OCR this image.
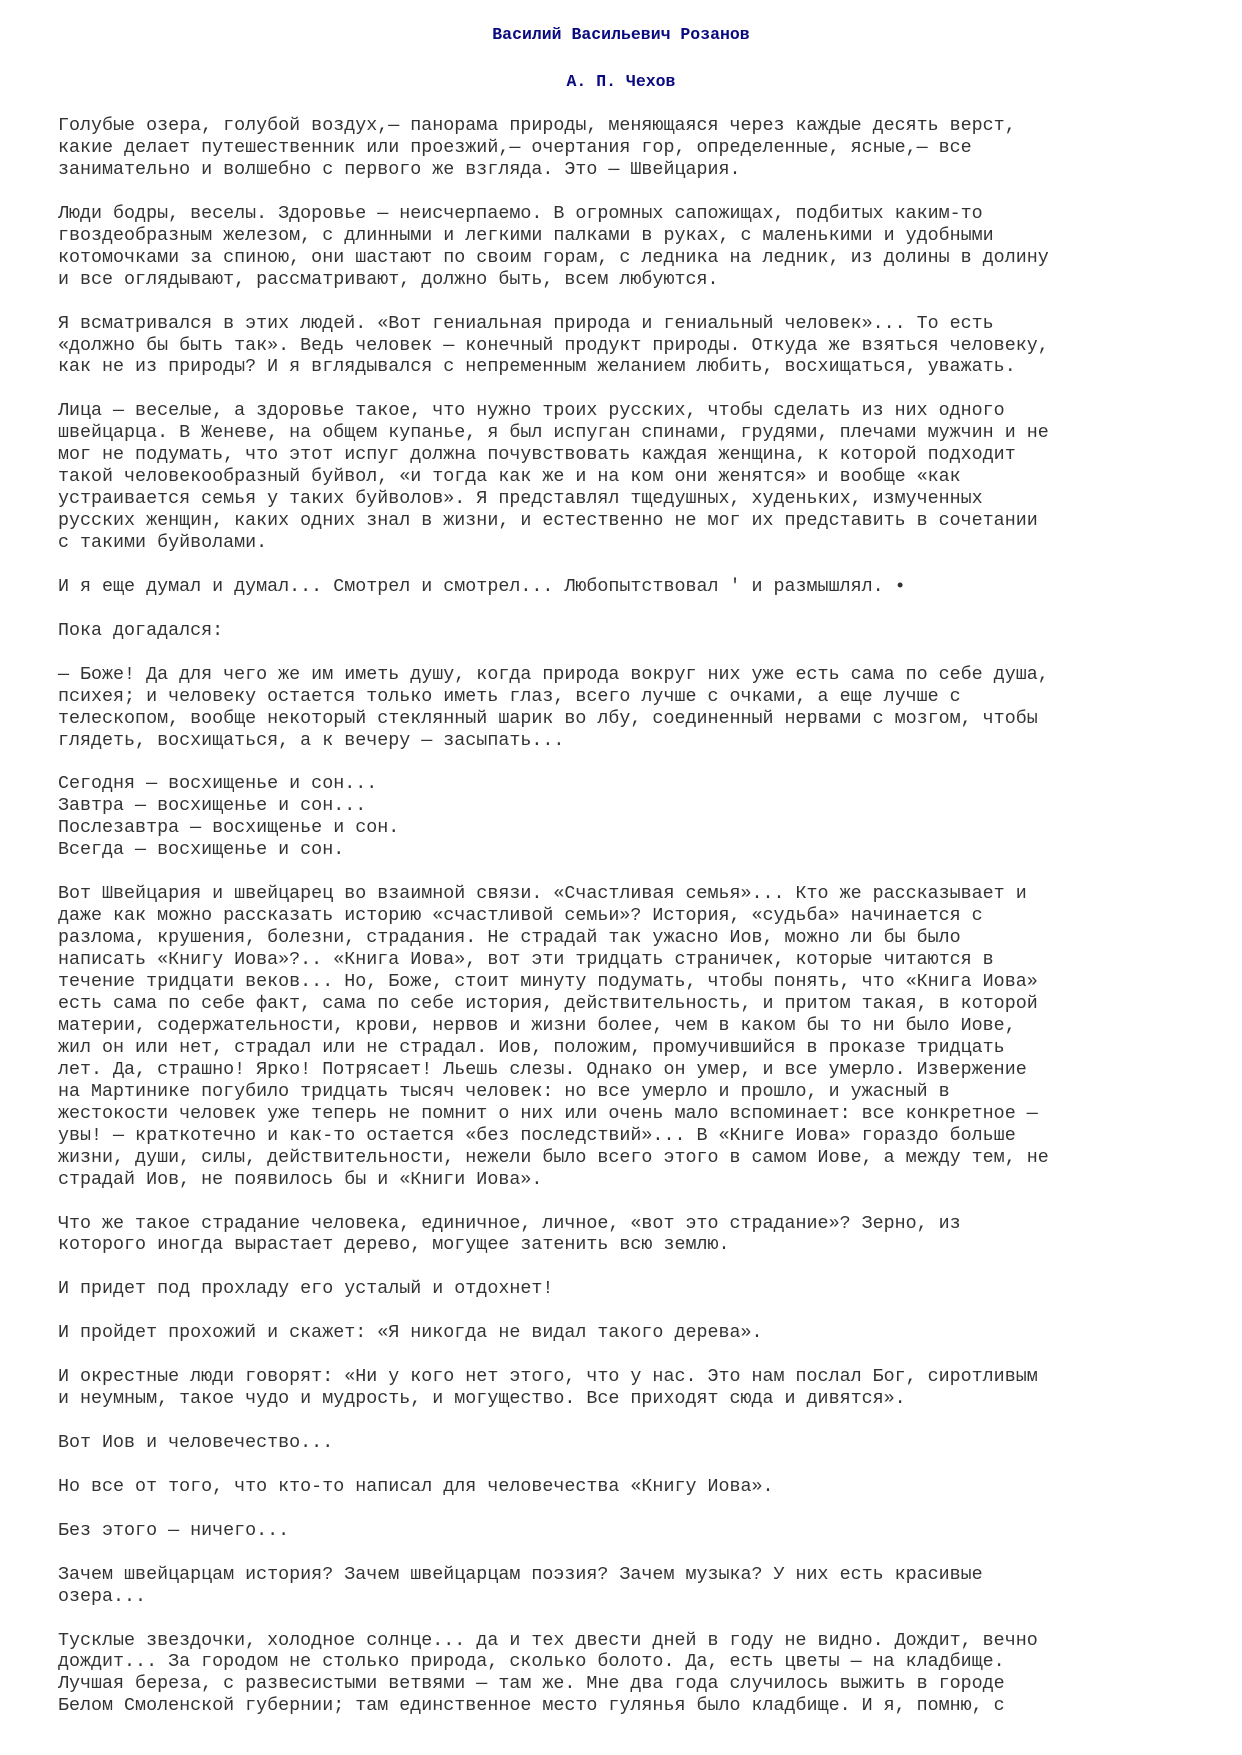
Василий Васильевич Розанов
А. П. Чехов

Голубые озера, голубой воздух,— панорама природы, меняющаяся через каждые десять верст,
какие делает путешественник или проезжий,— очертания гор, определенные, ясные,— все
занимательно и волшебно с первого же взгляда. Это — Швейцария.

Люди бодры, веселы. Здоровье — неисчерпаемо. В огромных сапожищах, подбитых каким-то
гвоздеобразным железом, с длинными и легкими палками в руках, с маленькими и удобными
котомочками за спиною, они шастают по своим горам, с ледника на ледник, из долины в долину
и все оглядывают, рассматривают, должно быть, всем любуются.

Я всматривался в этих людей. «Вот гениальная природа и гениальный человек»... То есть
«должно бы быть так». Ведь человек — конечный продукт природы. Откуда же взяться человеку,
как не из природы? И я вглядывался с непременным желанием любить, восхищаться, уважать.

Лица — веселые, а здоровье такое, что нужно троих русских, чтобы сделать из них одного
швейцарца. В Женеве, на общем купанье, я был испуган спинами, грудями, плечами мужчин и не
мог не подумать, что этот испуг должна почувствовать каждая женщина, к которой подходит
такой человекообразный буйвол, «и тогда как же и на ком они женятся» и вообще «как
устраивается семья у таких буйволов». Я представлял тщедушных, худеньких, измученных
русских женщин, каких одних знал в жизни, и естественно не мог их представить в сочетании
с такими буйволами.

И я еще думал и думал... Смотрел и смотрел... Любопытствовал ' и размышлял. •

Пока догадался:

— Боже! Да для чего же им иметь душу, когда природа вокруг них уже есть сама по себе душа,
психея; и человеку остается только иметь глаз, всего лучше с очками, а еще лучше с
телескопом, вообще некоторый стеклянный шарик во лбу, соединенный нервами с мозгом, чтобы
глядеть, восхищаться, а к вечеру — засыпать...

Сегодня — восхищенье и сон...
Завтра — восхищенье и сон...
Послезавтра — восхищенье и сон.
Всегда — восхищенье и сон.

Вот Швейцария и швейцарец во взаимной связи. «Счастливая семья»... Кто же рассказывает и
даже как можно рассказать историю «счастливой семьи»? История, «судьба» начинается с
разлома, крушения, болезни, страдания. Не страдай так ужасно Иов, можно ли бы было
написать «Книгу Иова»?.. «Книга Иова», вот эти тридцать страничек, которые читаются в
течение тридцати веков... Но, Боже, стоит минуту подумать, чтобы понять, что «Книга Иова»
есть сама по себе факт, сама по себе история, действительность, и притом такая, в которой
материи, содержательности, крови, нервов и жизни более, чем в каком бы то ни было Иове,
жил он или нет, страдал или не страдал. Иов, положим, промучившийся в проказе тридцать
лет. Да, страшно! Ярко! Потрясает! Льешь слезы. Однако он умер, и все умерло. Извержение
на Мартинике погубило тридцать тысяч человек: но все умерло и прошло, и ужасный в
жестокости человек уже теперь не помнит о них или очень мало вспоминает: все конкретное —
увы! — краткотечно и как-то остается «без последствий»... В «Книге Иова» гораздо больше
жизни, души, силы, действительности, нежели было всего этого в самом Иове, а между тем, не
страдай Иов, не появилось бы и «Книги Иова».

Что же такое страдание человека, единичное, личное, «вот это страдание»? Зерно, из
которого иногда вырастает дерево, могущее затенить всю землю.

И придет под прохладу его усталый и отдохнет!

И пройдет прохожий и скажет: «Я никогда не видал такого дерева».

И окрестные люди говорят: «Ни у кого нет этого, что у нас. Это нам послал Бог, сиротливым
и неумным, такое чудо и мудрость, и могущество. Все приходят сюда и дивятся».

Вот Иов и человечество...

Но все от того, что кто-то написал для человечества «Книгу Иова».

Без этого — ничего...

Зачем швейцарцам история? Зачем швейцарцам поэзия? Зачем музыка? У них есть красивые
озера...

Тусклые звездочки, холодное солнце... да и тех двести дней в году не видно. Дождит, вечно
дождит... За городом не столько природа, сколько болото. Да, есть цветы — на кладбище.
Лучшая береза, с развесистыми ветвями — там же. Мне два года случилось выжить в городе
Белом Смоленской губернии; там единственное место гулянья было кладбище. И я, помню, с
